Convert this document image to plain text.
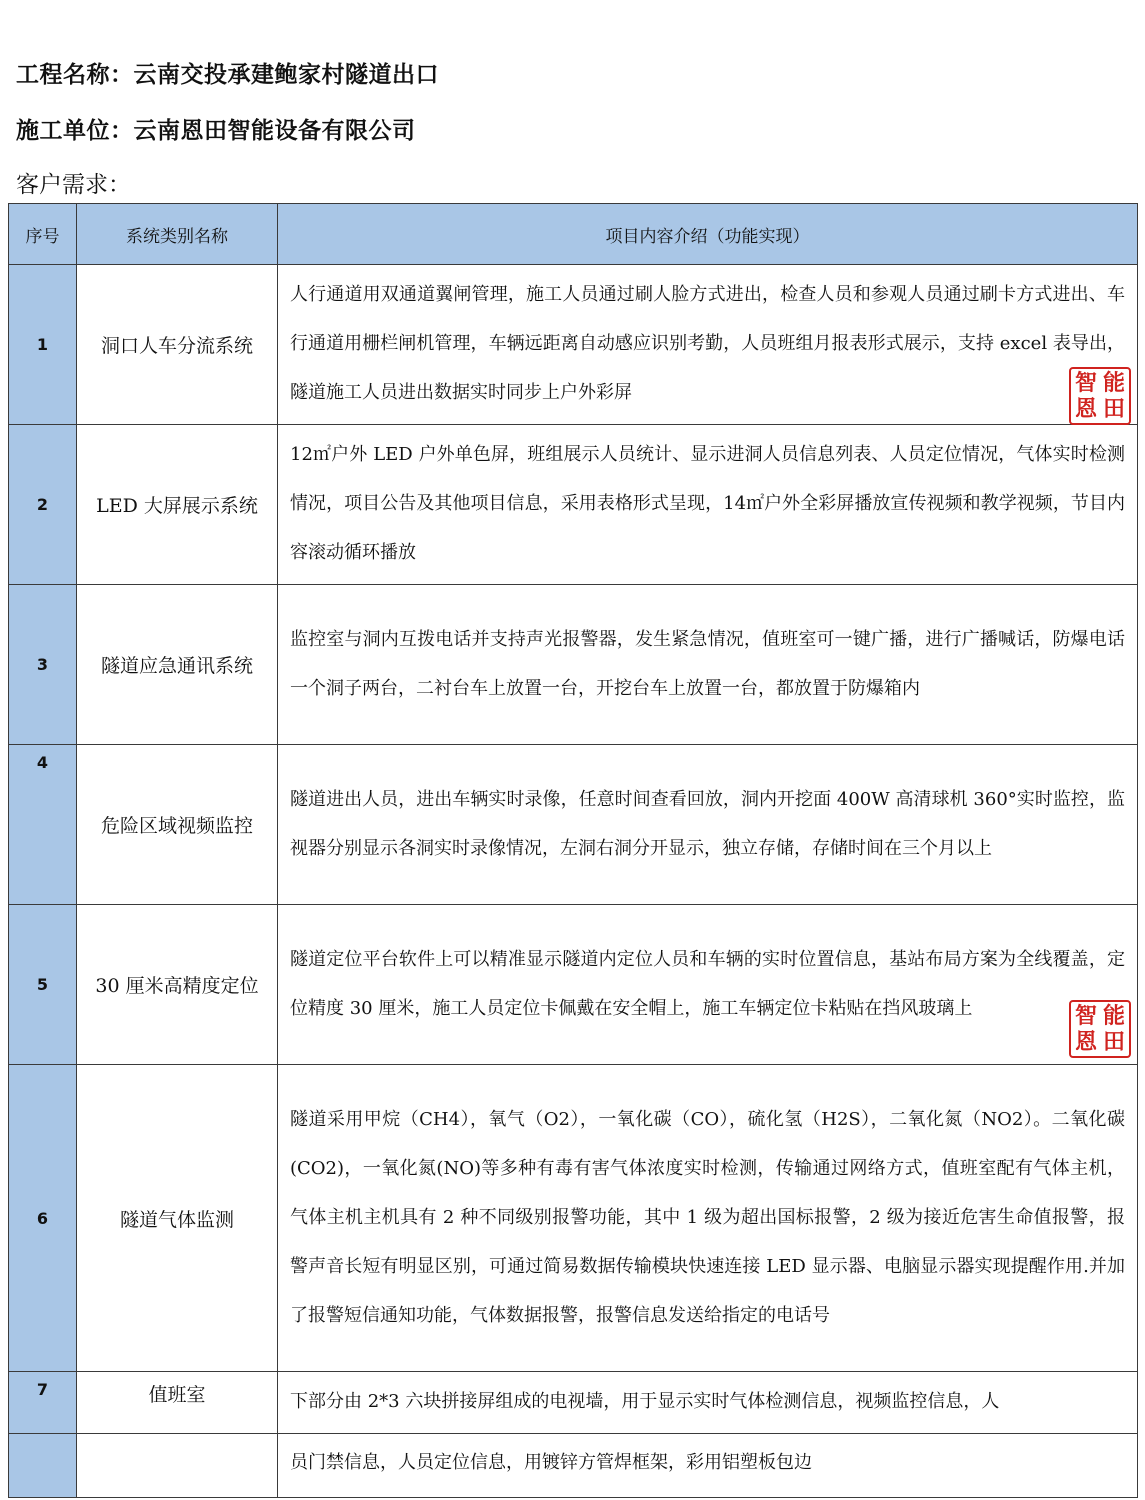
工程名称：云南交投承建鲍家村隧道出口
施工单位：云南恩田智能设备有限公司
客户需求：
序号	系统类别名称	项目内容介绍（功能实现）
1	洞口人车分流系统	人行通道用双通道翼闸管理，施工人员通过刷人脸方式进出，检查人员和参观人员通过刷卡方式进出、车行通道用栅栏闸机管理，车辆远距离自动感应识别考勤，人员班组月报表形式展示，支持 excel 表导出，隧道施工人员进出数据实时同步上户外彩屏 智恩
能田

2	LED 大屏展示系统	12㎡户外 LED 户外单色屏，班组展示人员统计、显示进洞人员信息列表、人员定位情况，气体实时检测情况，项目公告及其他项目信息，采用表格形式呈现，14㎡户外全彩屏播放宣传视频和教学视频，节目内容滚动循环播放
3	隧道应急通讯系统	监控室与洞内互拨电话并支持声光报警器，发生紧急情况，值班室可一键广播，进行广播喊话，防爆电话一个洞子两台，二衬台车上放置一台，开挖台车上放置一台，都放置于防爆箱内
4	危险区域视频监控	隧道进出人员，进出车辆实时录像，任意时间查看回放，洞内开挖面 400W 高清球机 360°实时监控，监视器分别显示各洞实时录像情况，左洞右洞分开显示，独立存储，存储时间在三个月以上
5	30 厘米高精度定位	隧道定位平台软件上可以精准显示隧道内定位人员和车辆的实时位置信息，基站布局方案为全线覆盖，定位精度 30 厘米，施工人员定位卡佩戴在安全帽上，施工车辆定位卡粘贴在挡风玻璃上 智恩
能田

6	隧道气体监测	隧道采用甲烷（CH4），氧气（O2），一氧化碳（CO），硫化氢（H2S），二氧化氮（NO2）。二氧化碳(CO2)，一氧化氮(NO)等多种有毒有害气体浓度实时检测，传输通过网络方式，值班室配有气体主机，气体主机主机具有 2 种不同级别报警功能，其中 1 级为超出国标报警，2 级为接近危害生命值报警，报警声音长短有明显区别，可通过简易数据传输模块快速连接 LED 显示器、电脑显示器实现提醒作用.并加了报警短信通知功能，气体数据报警，报警信息发送给指定的电话号
7	值班室	下部分由 2*3 六块拼接屏组成的电视墙，用于显示实时气体检测信息，视频监控信息，人
		员门禁信息，人员定位信息，用镀锌方管焊框架，彩用铝塑板包边
